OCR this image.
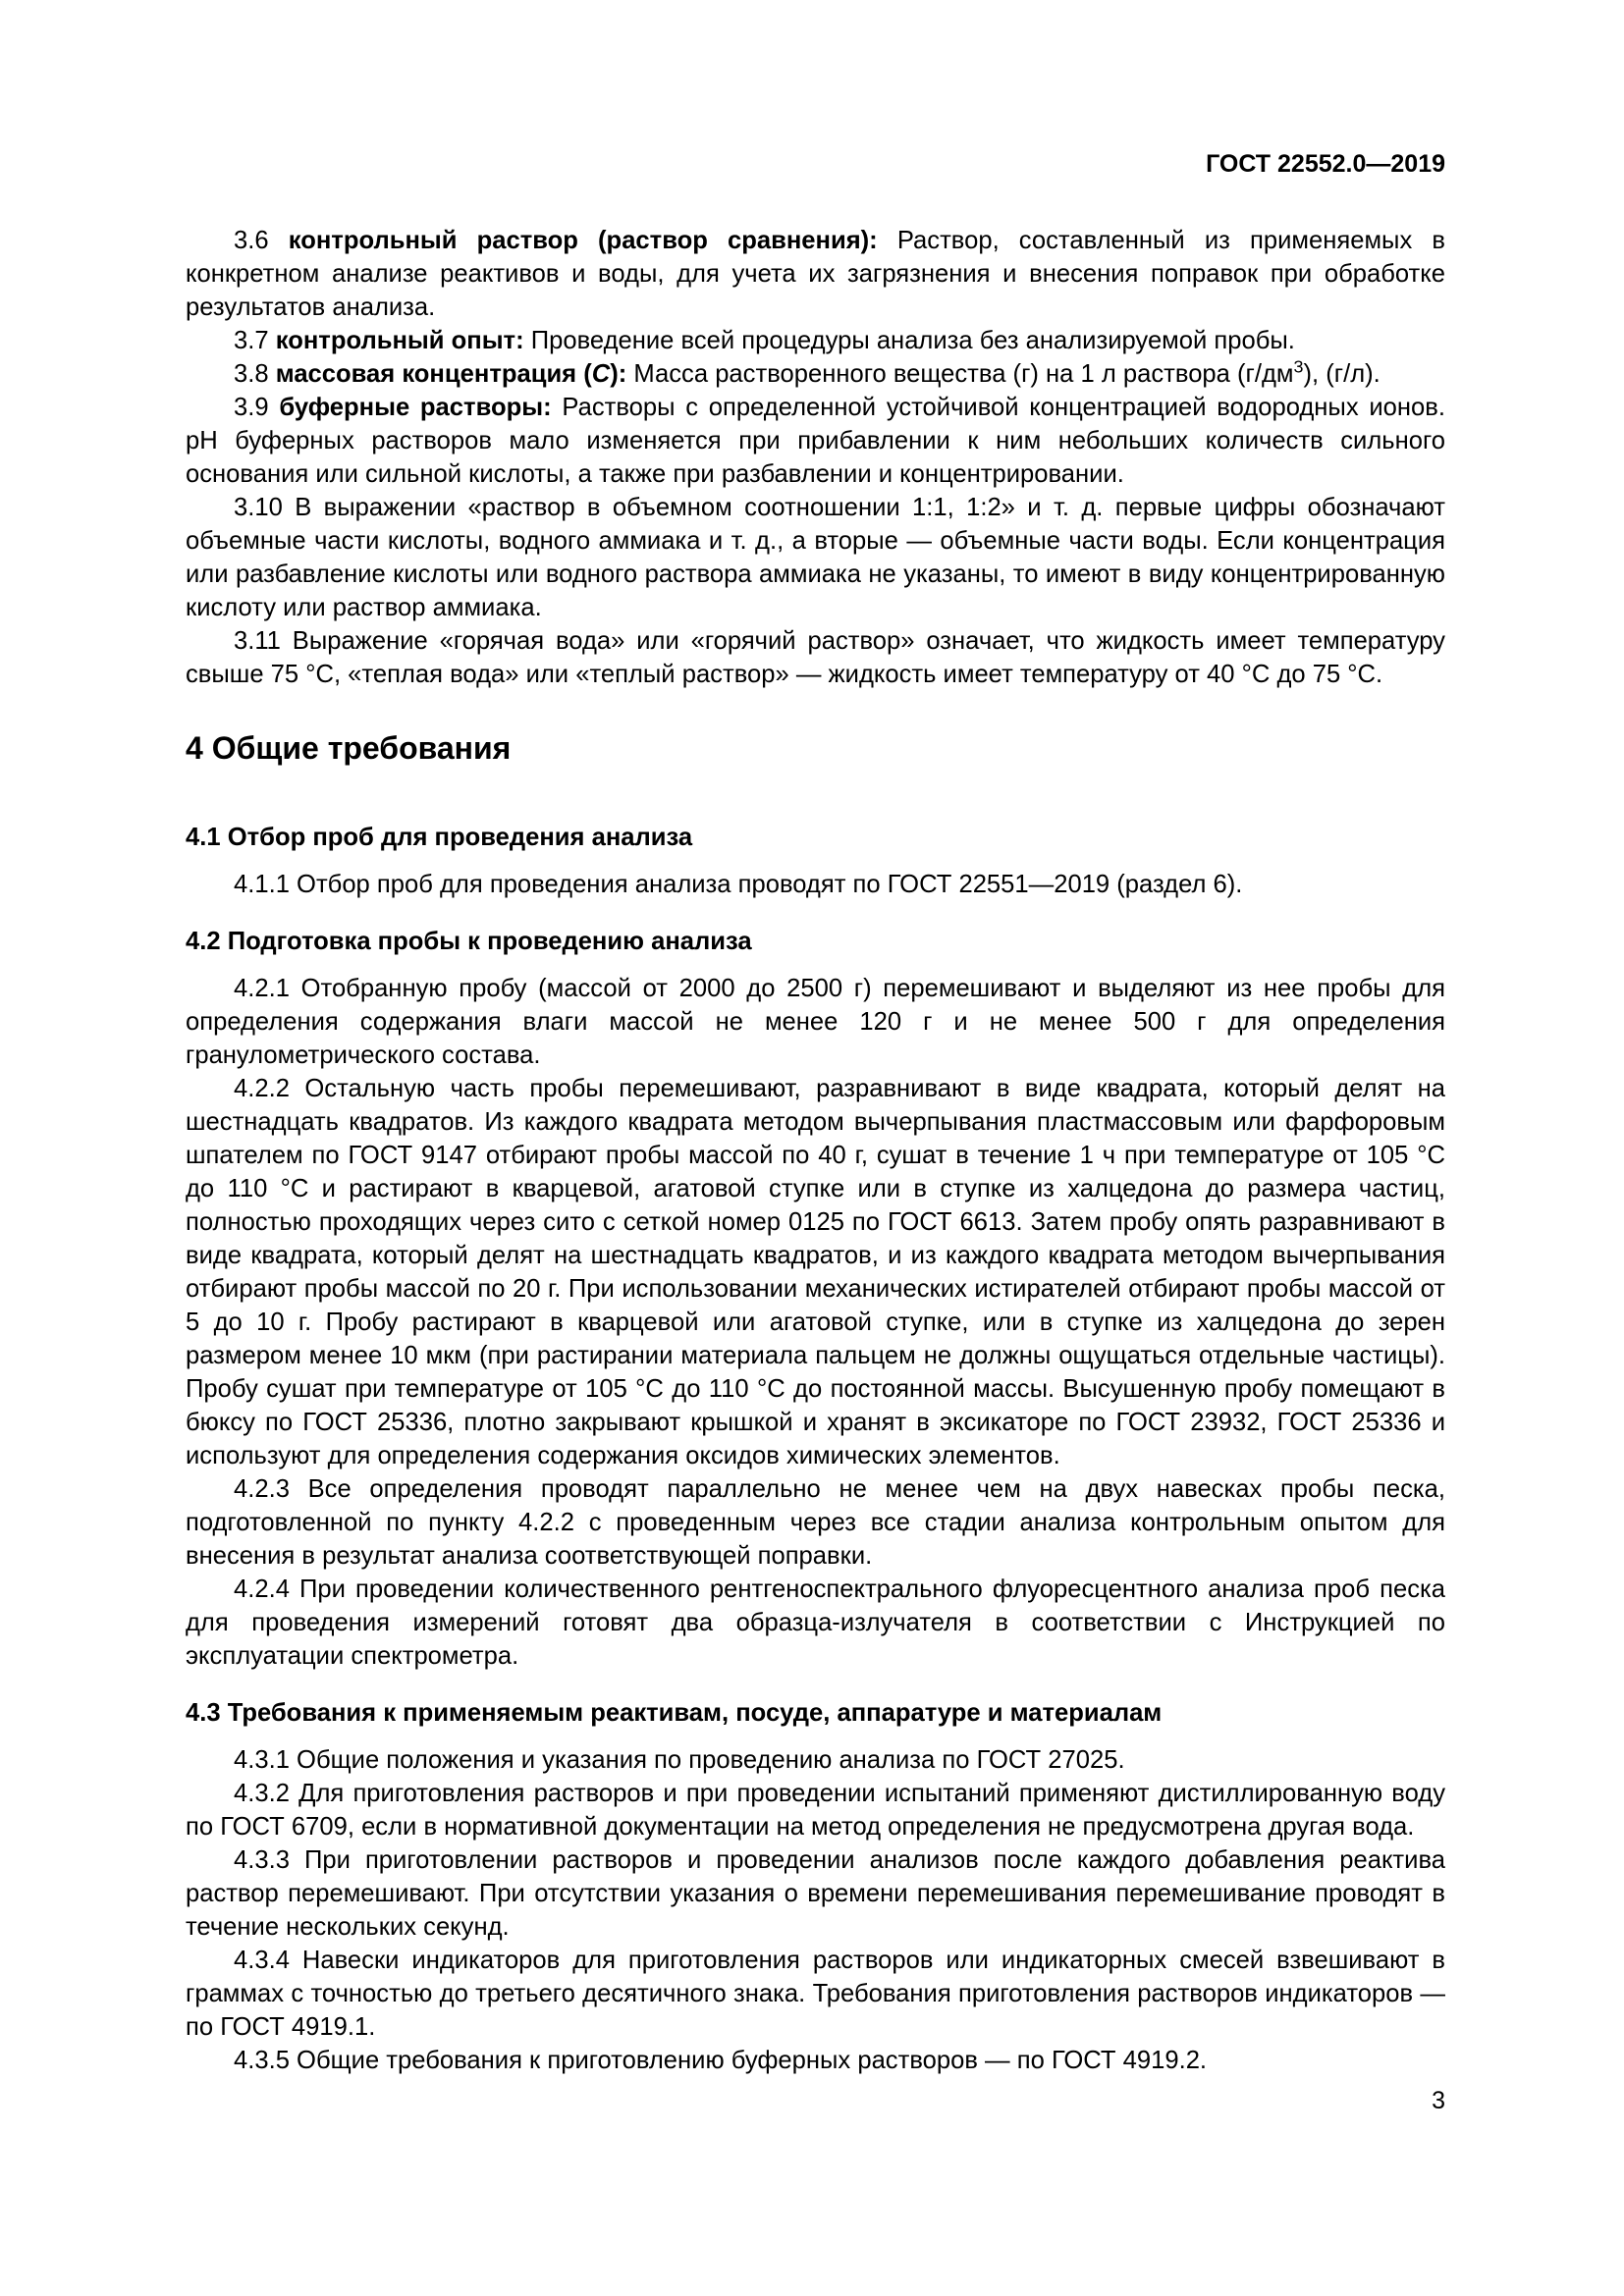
ГОСТ 22552.0—2019

3.6 контрольный раствор (раствор сравнения): Раствор, составленный из применяемых в конкретном анализе реактивов и воды, для учета их загрязнения и внесения поправок при обработке результатов анализа.

3.7 контрольный опыт: Проведение всей процедуры анализа без анализируемой пробы.

3.8 массовая концентрация (C): Масса растворенного вещества (г) на 1 л раствора $(г/дм^3)$, (г/л).

3.9 буферные растворы: Растворы с определенной устойчивой концентрацией водородных ионов. pH буферных растворов мало изменяется при прибавлении к ним небольших количеств сильного основания или сильной кислоты, а также при разбавлении и концентрировании.

3.10 В выражении «раствор в объемном соотношении 1:1, 1:2» и т. д. первые цифры обозначают объемные части кислоты, водного аммиака и т. д., а вторые — объемные части воды. Если концентрация или разбавление кислоты или водного раствора аммиака не указаны, то имеют в виду концентрированную кислоту или раствор аммиака.

3.11 Выражение «горячая вода» или «горячий раствор» означает, что жидкость имеет температуру свыше 75 °С, «теплая вода» или «теплый раствор» — жидкость имеет температуру от 40 °С до 75 °С.

4 Общие требования
4.1 Отбор проб для проведения анализа

4.1.1 Отбор проб для проведения анализа проводят по ГОСТ 22551—2019 (раздел 6).

4.2 Подготовка пробы к проведению анализа

4.2.1 Отобранную пробу (массой от 2000 до 2500 г) перемешивают и выделяют из нее пробы для определения содержания влаги массой не менее 120 г и не менее 500 г для определения гранулометрического состава.

4.2.2 Остальную часть пробы перемешивают, разравнивают в виде квадрата, который делят на шестнадцать квадратов. Из каждого квадрата методом вычерпывания пластмассовым или фарфоровым шпателем по ГОСТ 9147 отбирают пробы массой по 40 г, сушат в течение 1 ч при температуре от 105 °С до 110 °С и растирают в кварцевой, агатовой ступке или в ступке из халцедона до размера частиц, полностью проходящих через сито с сеткой номер 0125 по ГОСТ 6613. Затем пробу опять разравнивают в виде квадрата, который делят на шестнадцать квадратов, и из каждого квадрата методом вычерпывания отбирают пробы массой по 20 г. При использовании механических истирателей отбирают пробы массой от 5 до 10 г. Пробу растирают в кварцевой или агатовой ступке, или в ступке из халцедона до зерен размером менее 10 мкм (при растирании материала пальцем не должны ощущаться отдельные частицы). Пробу сушат при температуре от 105 °С до 110 °С до постоянной массы. Высушенную пробу помещают в бюксу по ГОСТ 25336, плотно закрывают крышкой и хранят в эксикаторе по ГОСТ 23932, ГОСТ 25336 и используют для определения содержания оксидов химических элементов.

4.2.3 Все определения проводят параллельно не менее чем на двух навесках пробы песка, подготовленной по пункту 4.2.2 с проведенным через все стадии анализа контрольным опытом для внесения в результат анализа соответствующей поправки.

4.2.4 При проведении количественного рентгеноспектрального флуоресцентного анализа проб песка для проведения измерений готовят два образца-излучателя в соответствии с Инструкцией по эксплуатации спектрометра.

4.3 Требования к применяемым реактивам, посуде, аппаратуре и материалам

4.3.1 Общие положения и указания по проведению анализа по ГОСТ 27025.

4.3.2 Для приготовления растворов и при проведении испытаний применяют дистиллированную воду по ГОСТ 6709, если в нормативной документации на метод определения не предусмотрена другая вода.

4.3.3 При приготовлении растворов и проведении анализов после каждого добавления реактива раствор перемешивают. При отсутствии указания о времени перемешивания перемешивание проводят в течение нескольких секунд.

4.3.4 Навески индикаторов для приготовления растворов или индикаторных смесей взвешивают в граммах с точностью до третьего десятичного знака. Требования приготовления растворов индикаторов — по ГОСТ 4919.1.

4.3.5 Общие требования к приготовлению буферных растворов — по ГОСТ 4919.2.

3
